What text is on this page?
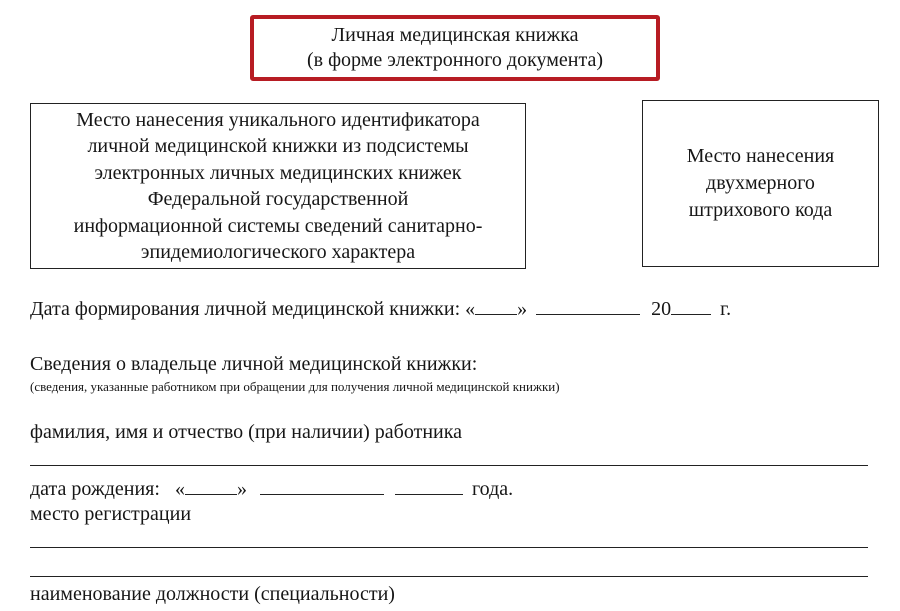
Личная медицинская книжка
(в форме электронного документа)
Место нанесения уникального идентификатора
личной медицинской книжки из подсистемы
электронных личных медицинских книжек
Федеральной государственной
информационной системы сведений санитарно-
эпидемиологического характера
Место нанесения
двухмерного
штрихового кода
Дата формирования личной медицинской книжки: « »	20 г.
Сведения о владельце личной медицинской книжки:
(сведения, указанные работником при обращении для получения личной медицинской книжки)
фамилия, имя и отчество (при наличии) работника
дата рождения: «	»	года.
место регистрации
наименование должности (специальности)
